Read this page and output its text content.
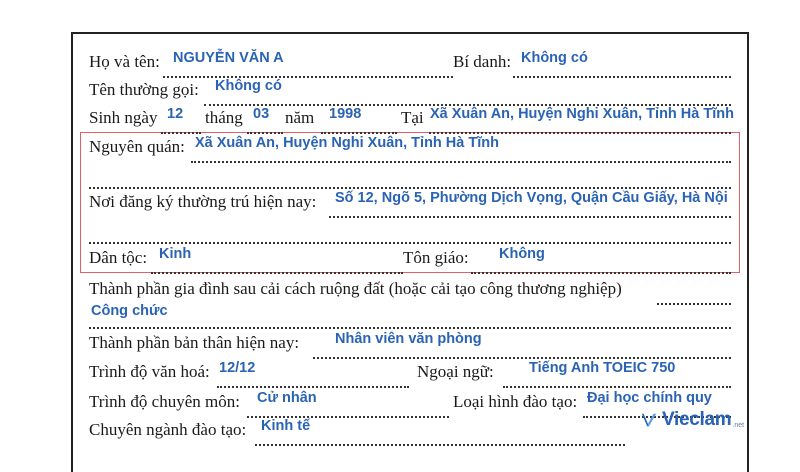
Họ và tên: NGUYỄN VĂN A	Bí danh: Không có
Tên thường gọi: Không có
Sinh ngày 12 tháng 03 năm 1998 Tại Xã Xuân An, Huyện Nghi Xuân, Tỉnh Hà Tĩnh
Nguyên quán: Xã Xuân An, Huyện Nghi Xuân, Tỉnh Hà Tĩnh
Nơi đăng ký thường trú hiện nay: Số 12, Ngõ 5, Phường Dịch Vọng, Quận Cầu Giấy, Hà Nội
Dân tộc: Kinh	Tôn giáo: Không
Thành phần gia đình sau cải cách ruộng đất (hoặc cải tạo công thương nghiệp)
Công chức
Thành phần bản thân hiện nay: Nhân viên văn phòng
Trình độ văn hoá: 12/12	Ngoại ngữ: Tiếng Anh TOEIC 750
Trình độ chuyên môn: Cử nhân	Loại hình đào tạo: Đại học chính quy
Chuyên ngành đào tạo: Kinh tế	Vieclam .net
